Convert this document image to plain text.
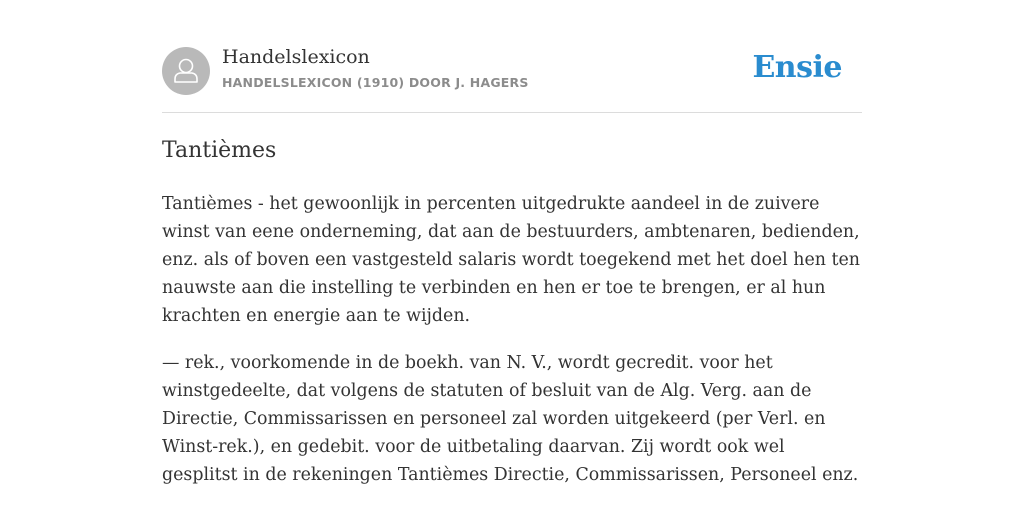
Handelslexicon
HANDELSLEXICON (1910) DOOR J. HAGERS	Ensie
Tantièmes

Tantièmes - het gewoonlijk in percenten uitgedrukte aandeel in de zuivere winst van eene onderneming, dat aan de bestuurders, ambtenaren, bedienden, enz. als of boven een vastgesteld salaris wordt toegekend met het doel hen ten nauwste aan die instelling te verbinden en hen er toe te brengen, er al hun krachten en energie aan te wijden.

— rek., voorkomende in de boekh. van N. V., wordt gecredit. voor het winstgedeelte, dat volgens de statuten of besluit van de Alg. Verg. aan de Directie, Commissarissen en personeel zal worden uitgekeerd (per Verl. en Winst-rek.), en gedebit. voor de uitbetaling daarvan. Zij wordt ook wel gesplitst in de rekeningen Tantièmes Directie, Commissarissen, Personeel enz.
